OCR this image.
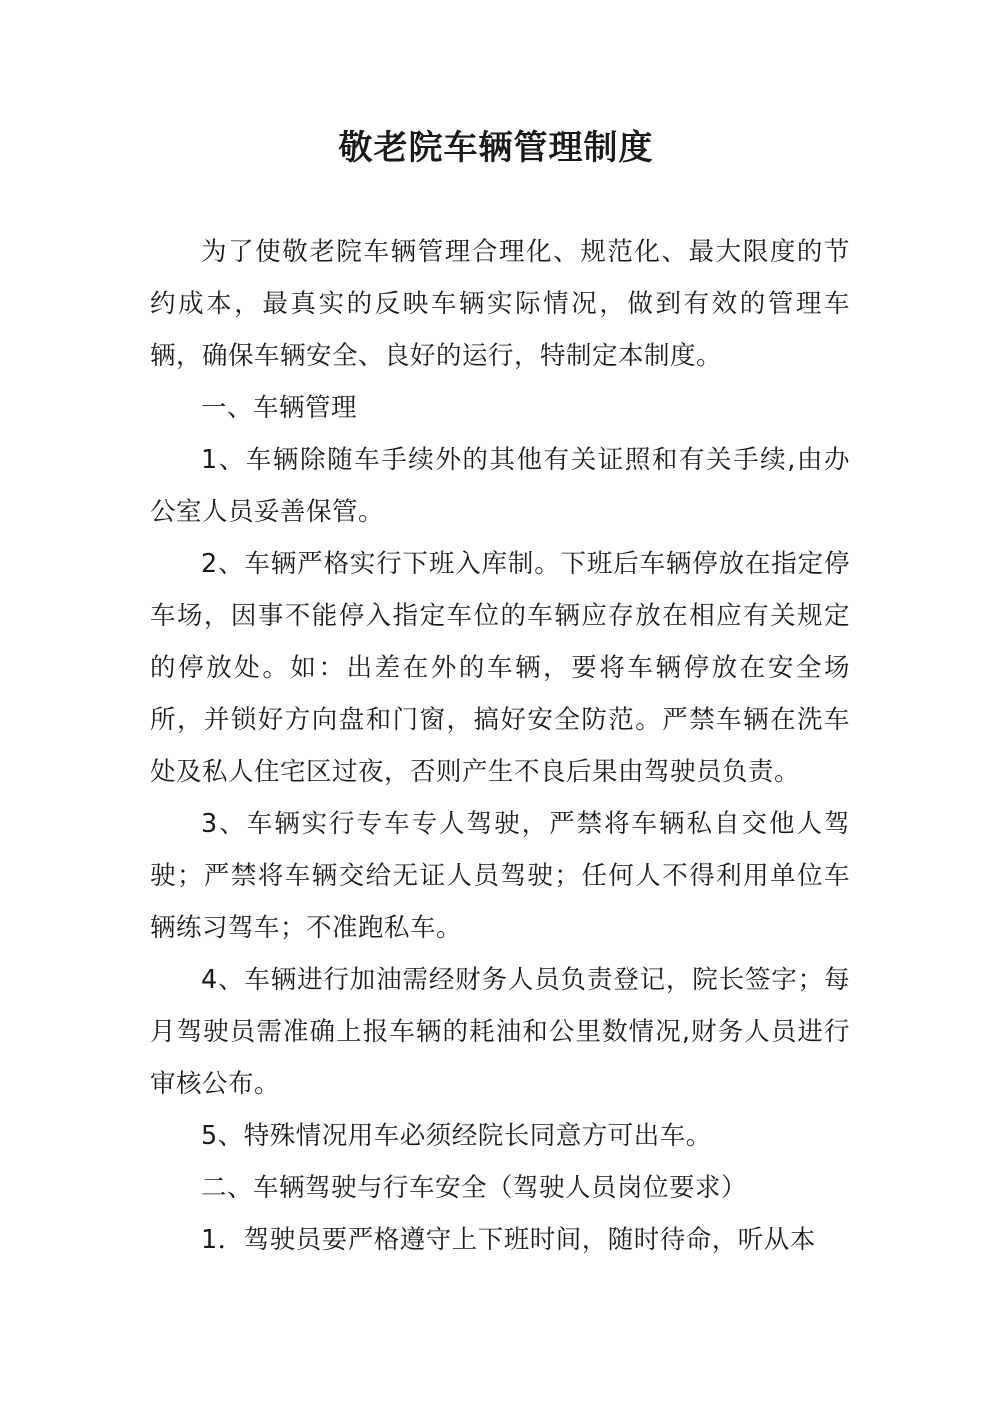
敬老院车辆管理制度

为了使敬老院车辆管理合理化、规范化、最大限度的节约成本，最真实的反映车辆实际情况，做到有效的管理车辆，确保车辆安全、良好的运行，特制定本制度。

一、车辆管理

1、车辆除随车手续外的其他有关证照和有关手续,由办公室人员妥善保管。

2、车辆严格实行下班入库制。下班后车辆停放在指定停车场，因事不能停入指定车位的车辆应存放在相应有关规定的停放处。如：出差在外的车辆，要将车辆停放在安全场所，并锁好方向盘和门窗，搞好安全防范。严禁车辆在洗车处及私人住宅区过夜，否则产生不良后果由驾驶员负责。

3、车辆实行专车专人驾驶，严禁将车辆私自交他人驾驶；严禁将车辆交给无证人员驾驶；任何人不得利用单位车辆练习驾车；不准跑私车。

4、车辆进行加油需经财务人员负责登记，院长签字；每月驾驶员需准确上报车辆的耗油和公里数情况,财务人员进行审核公布。

5、特殊情况用车必须经院长同意方可出车。

二、车辆驾驶与行车安全（驾驶人员岗位要求）

1．驾驶员要严格遵守上下班时间，随时待命，听从本
